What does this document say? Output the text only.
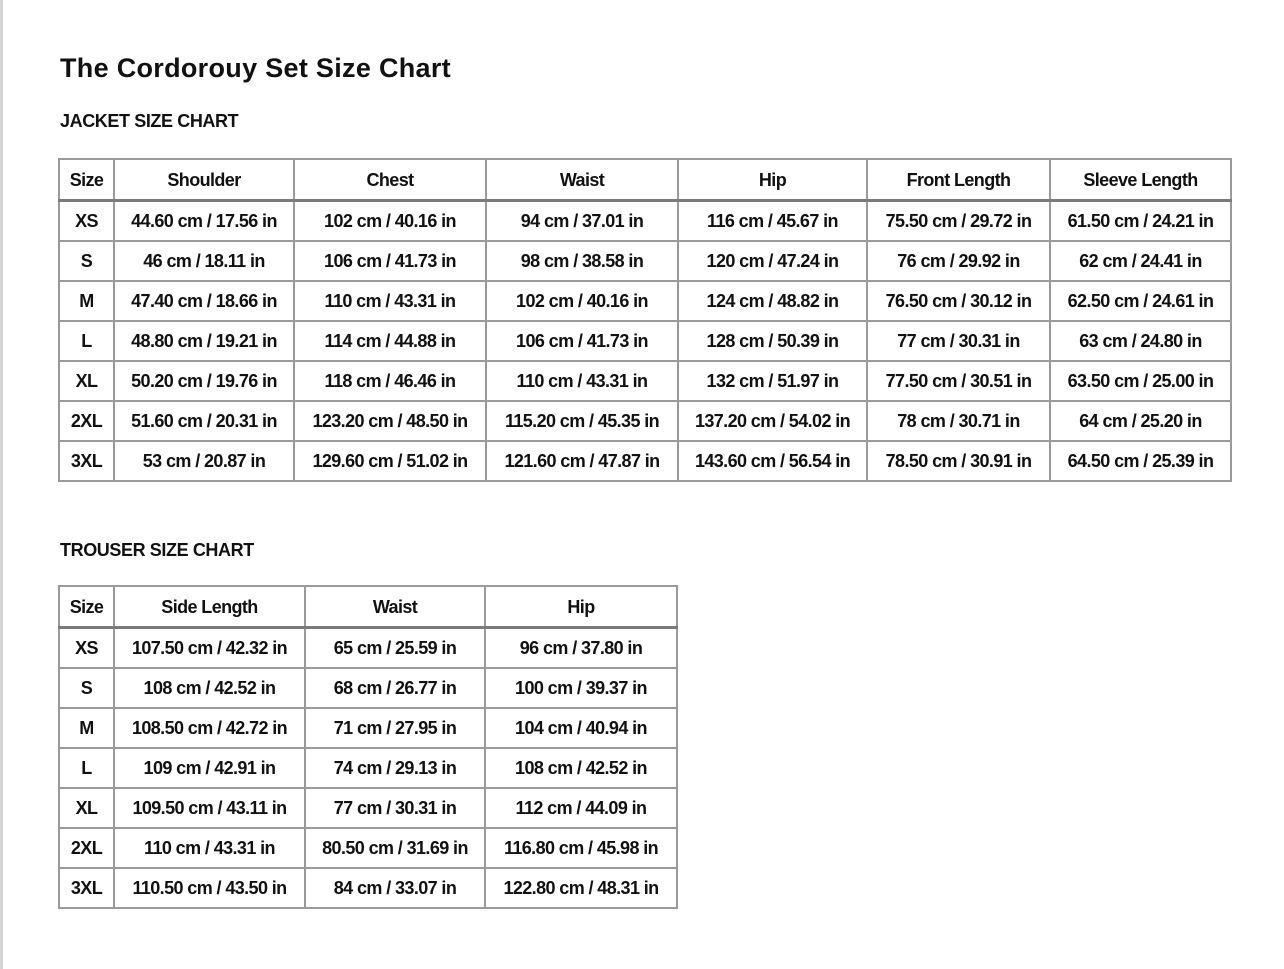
The Cordorouy Set Size Chart
JACKET SIZE CHART
Size	Shoulder	Chest	Waist	Hip	Front Length	Sleeve Length
XS	44.60 cm / 17.56 in	102 cm / 40.16 in	94 cm / 37.01 in	116 cm / 45.67 in	75.50 cm / 29.72 in	61.50 cm / 24.21 in
S	46 cm / 18.11 in	106 cm / 41.73 in	98 cm / 38.58 in	120 cm / 47.24 in	76 cm / 29.92 in	62 cm / 24.41 in
M	47.40 cm / 18.66 in	110 cm / 43.31 in	102 cm / 40.16 in	124 cm / 48.82 in	76.50 cm / 30.12 in	62.50 cm / 24.61 in
L	48.80 cm / 19.21 in	114 cm / 44.88 in	106 cm / 41.73 in	128 cm / 50.39 in	77 cm / 30.31 in	63 cm / 24.80 in
XL	50.20 cm / 19.76 in	118 cm / 46.46 in	110 cm / 43.31 in	132 cm / 51.97 in	77.50 cm / 30.51 in	63.50 cm / 25.00 in
2XL	51.60 cm / 20.31 in	123.20 cm / 48.50 in	115.20 cm / 45.35 in	137.20 cm / 54.02 in	78 cm / 30.71 in	64 cm / 25.20 in
3XL	53 cm / 20.87 in	129.60 cm / 51.02 in	121.60 cm / 47.87 in	143.60 cm / 56.54 in	78.50 cm / 30.91 in	64.50 cm / 25.39 in
TROUSER SIZE CHART
Size	Side Length	Waist	Hip
XS	107.50 cm / 42.32 in	65 cm / 25.59 in	96 cm / 37.80 in
S	108 cm / 42.52 in	68 cm / 26.77 in	100 cm / 39.37 in
M	108.50 cm / 42.72 in	71 cm / 27.95 in	104 cm / 40.94 in
L	109 cm / 42.91 in	74 cm / 29.13 in	108 cm / 42.52 in
XL	109.50 cm / 43.11 in	77 cm / 30.31 in	112 cm / 44.09 in
2XL	110 cm / 43.31 in	80.50 cm / 31.69 in	116.80 cm / 45.98 in
3XL	110.50 cm / 43.50 in	84 cm / 33.07 in	122.80 cm / 48.31 in
